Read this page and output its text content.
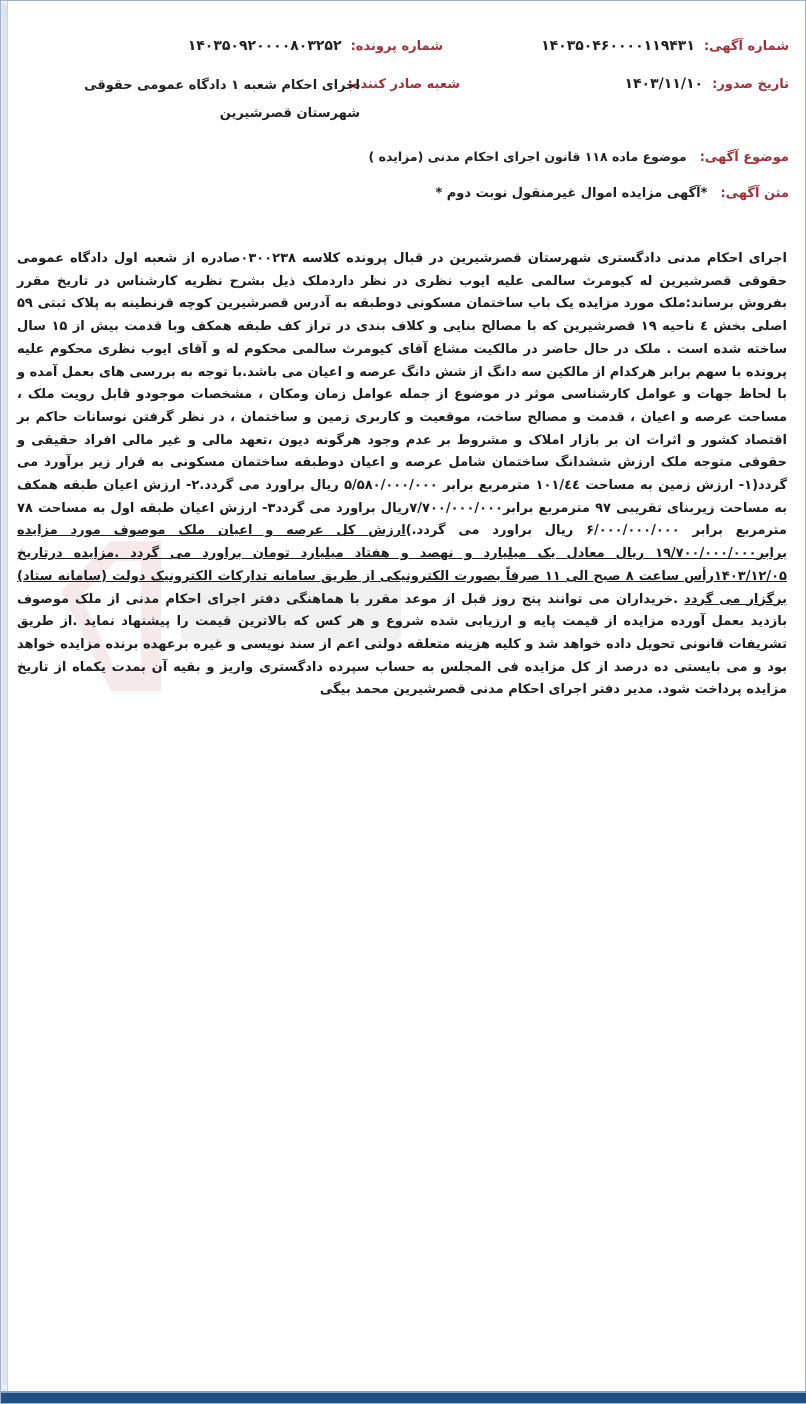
شماره آگهی: ۱۴۰۳۵۰۴۶۰۰۰۰۱۱۹۴۳۱
شماره پرونده: ۱۴۰۳۵۰۹۲۰۰۰۰۸۰۳۲۵۲
تاریخ صدور: ۱۴۰۳/۱۱/۱۰
شعبه صادر کننده:
اجرای احکام شعبه ۱ دادگاه عمومی حقوقی شهرستان قصرشیرین
موضوع آگهی: موضوع ماده ۱۱۸ قانون اجرای احکام مدنی (مزایده )
متن آگهی: *آگهی مزایده اموال غیرمنقول نوبت دوم *
اجرای احکام مدنی دادگستری شهرستان قصرشیرین در قبال پرونده کلاسه ۰۳۰۰۲۳۸صادره از شعبه اول دادگاه عمومی حقوقی قصرشیرین له کیومرث سالمی علیه ایوب نظری در نظر داردملک ذیل بشرح نظریه کارشناس در تاریخ مقرر بفروش برساند:ملک مورد مزایده یک باب ساختمان مسکونی دوطبقه به آدرس قصرشیرین کوچه قرنطینه به پلاک ثبتی ۵۹ اصلی بخش ٤ ناحیه ۱۹ قصرشیرین که با مصالح بنایی و کلاف بندی در تراز کف طبقه همکف وبا قدمت بیش از ۱۵ سال ساخته شده است . ملک در حال حاضر در مالکیت مشاع آقای کیومرث سالمی محکوم له و آقای ایوب نظری محکوم علیه پرونده با سهم برابر هرکدام از مالکین سه دانگ از شش دانگ عرصه و اعیان می باشد.با توجه به بررسی های بعمل آمده و با لحاظ جهات و عوامل کارشناسی موثر در موضوع از جمله عوامل زمان ومکان ، مشخصات موجودو قابل رویت ملک ، مساحت عرصه و اعیان ، قدمت و مصالح ساخت، موقعیت و کاربری زمین و ساختمان ، در نظر گرفتن نوسانات حاکم بر اقتصاد کشور و اثرات ان بر بازار املاک و مشروط بر عدم وجود هرگونه دیون ،تعهد مالی و غیر مالی افراد حقیقی و حقوقی متوجه ملک ارزش ششدانگ ساختمان شامل عرصه و اعیان دوطبقه ساختمان مسکونی به قرار زیر برآورد می گردد(۱- ارزش زمین به مساحت ۱۰۱/٤٤ مترمربع برابر ۵/۵۸۰/۰۰۰/۰۰۰ ریال براورد می گردد.۲- ارزش اعیان طبقه همکف به مساحت زیربنای تقریبی ۹۷ مترمربع برابر۷/۷۰۰/۰۰۰/۰۰۰ریال براورد می گردد۳- ارزش اعیان طبقه اول به مساحت ۷۸ مترمربع برابر ۶/۰۰۰/۰۰۰/۰۰۰ ریال براورد می گردد.)ارزش کل عرصه و اعیان ملک موصوف مورد مزایده برابر۱۹/۷۰۰/۰۰۰/۰۰۰ ریال معادل یک میلیارد و نهصد و هفتاد میلیارد تومان براورد می گردد .مزایده درتاریخ ۱۴۰۳/۱۲/۰۵رأس ساعت ۸ صبح الی ۱۱ صرفاً بصورت الکترونیکی از طریق سامانه تدارکات الکترونیک دولت (سامانه ستاد) برگزار می گردد .خریداران می توانند پنج روز قبل از موعد مقرر با هماهنگی دفتر اجرای احکام مدنی از ملک موصوف بازدید بعمل آورده مزایده از قیمت پایه و ارزیابی شده شروع و هر کس که بالاترین قیمت را پیشنهاد نماید .از طریق تشریفات قانونی تحویل داده خواهد شد و کلیه هزینه متعلقه دولتی اعم از سند نویسی و غیره برعهده برنده مزایده خواهد بود و می بایستی ده درصد از کل مزایده فی المجلس به حساب سپرده دادگستری واریز و بقیه آن بمدت یکماه از تاریخ مزایده پرداخت شود. مدیر دفتر اجرای احکام مدنی قصرشیرین محمد بیگی
